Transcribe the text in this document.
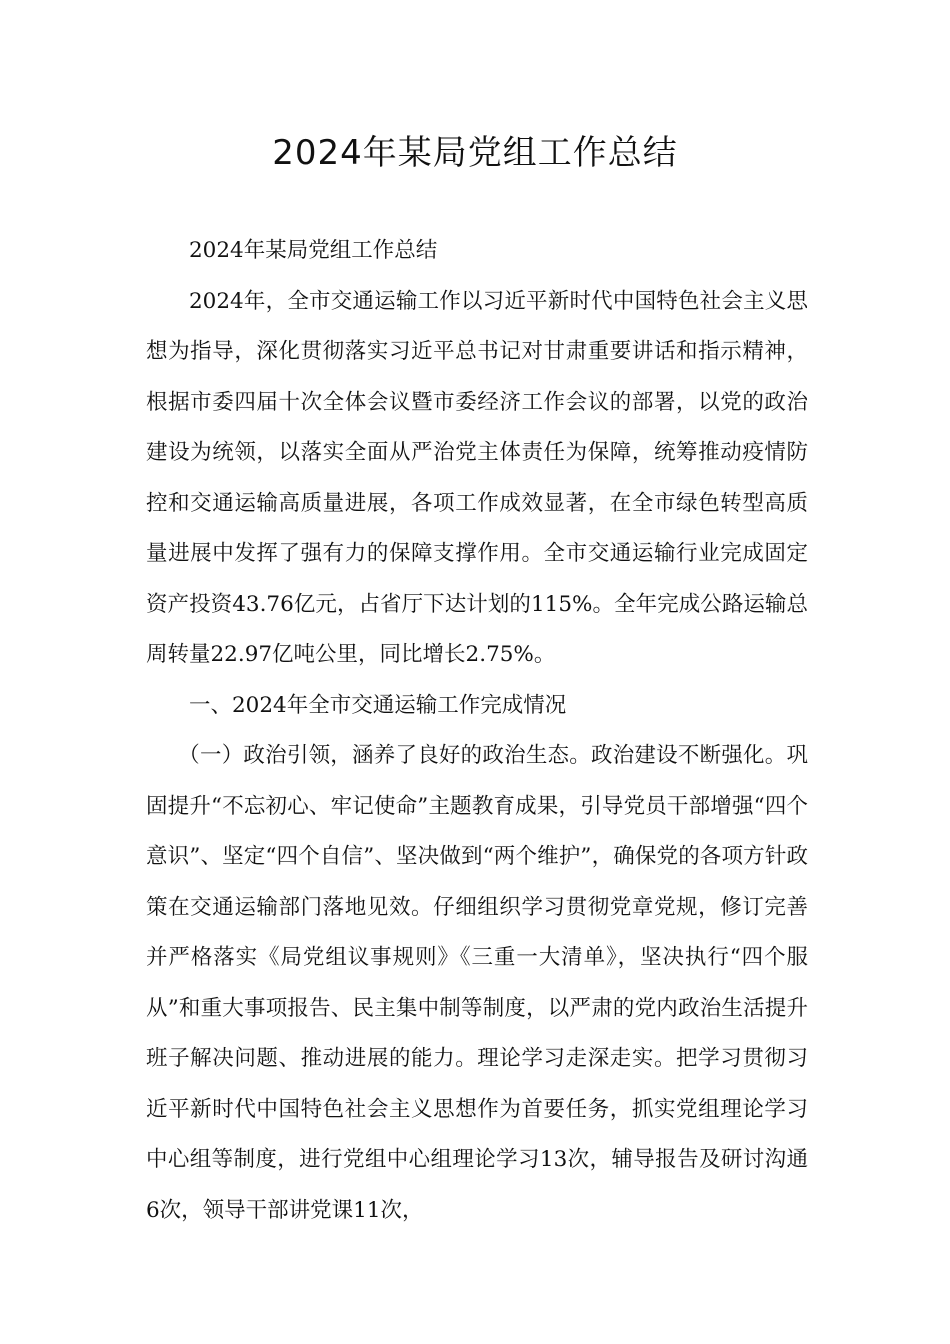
2024年某局党组工作总结

2024年某局党组工作总结

2024年，全市交通运输工作以习近平新时代中国特色社会主义思想为指导，深化贯彻落实习近平总书记对甘肃重要讲话和指示精神，根据市委四届十次全体会议暨市委经济工作会议的部署，以党的政治建设为统领，以落实全面从严治党主体责任为保障，统筹推动疫情防控和交通运输高质量进展，各项工作成效显著，在全市绿色转型高质量进展中发挥了强有力的保障支撑作用。全市交通运输行业完成固定资产投资43.76亿元，占省厅下达计划的115%。全年完成公路运输总周转量22.97亿吨公里，同比增长2.75%。

一、2024年全市交通运输工作完成情况

（一）政治引领，涵养了良好的政治生态。政治建设不断强化。巩固提升“不忘初心、牢记使命”主题教育成果，引导党员干部增强“四个意识”、坚定“四个自信”、坚决做到“两个维护”，确保党的各项方针政策在交通运输部门落地见效。仔细组织学习贯彻党章党规，修订完善并严格落实《局党组议事规则》《三重一大清单》，坚决执行“四个服从”和重大事项报告、民主集中制等制度，以严肃的党内政治生活提升班子解决问题、推动进展的能力。理论学习走深走实。把学习贯彻习近平新时代中国特色社会主义思想作为首要任务，抓实党组理论学习中心组等制度，进行党组中心组理论学习13次，辅导报告及研讨沟通6次，领导干部讲党课11次，
